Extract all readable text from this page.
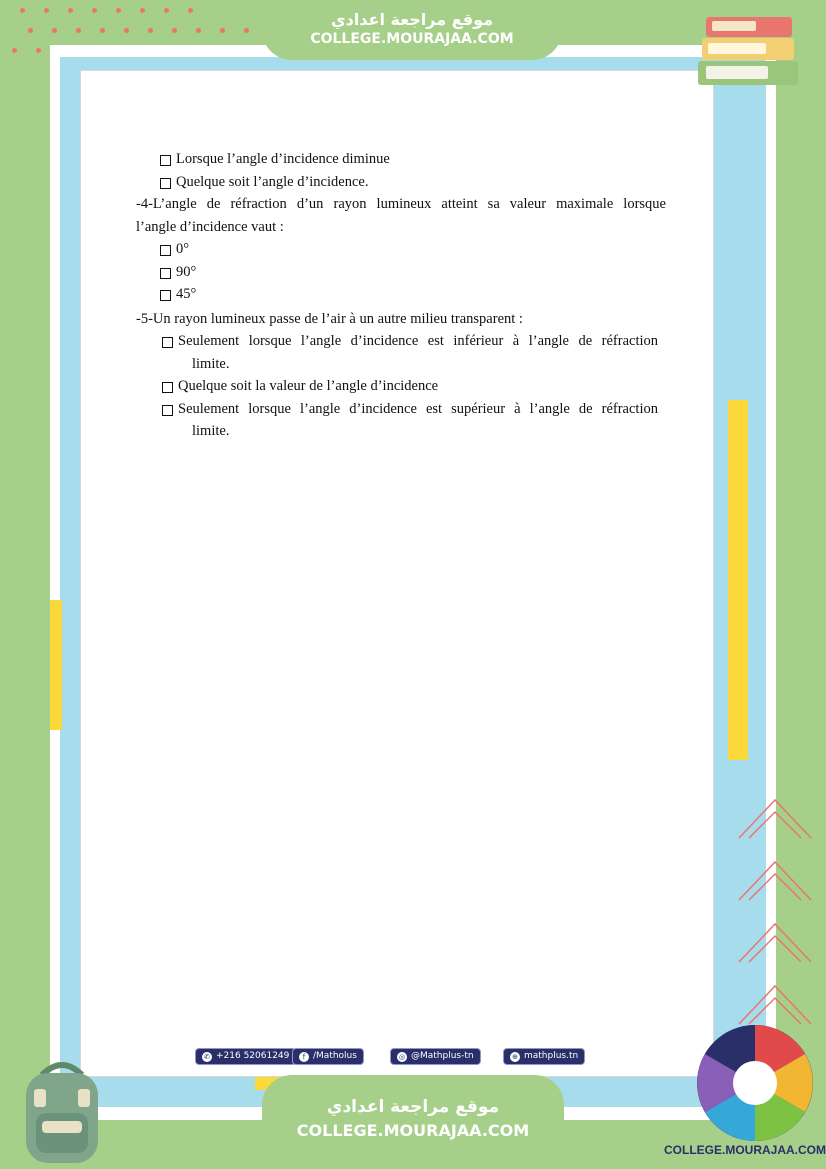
موقع مراجعة اعدادي
COLLEGE.MOURAJAA.COM
Lorsque l’angle d’incidence diminue
Quelque soit l’angle d’incidence.
-4-L’angle de réfraction d’un rayon lumineux atteint sa valeur maximale lorsque
l’angle d’incidence vaut :
0°
90°
45°
-5-Un rayon lumineux passe de l’air à un autre milieu transparent :
Seulement lorsque l’angle d’incidence est inférieur à l’angle de réfraction
limite.
Quelque soit la valeur de l’angle d’incidence
Seulement lorsque l’angle d’incidence est supérieur à l’angle de réfraction
limite.
✆ +216 52061249	f /Matholus	◎ @Mathplus-tn	⊕ mathplus.tn
موقع مراجعة اعدادي
COLLEGE.MOURAJAA.COM
COLLEGE.MOURAJAA.COM
